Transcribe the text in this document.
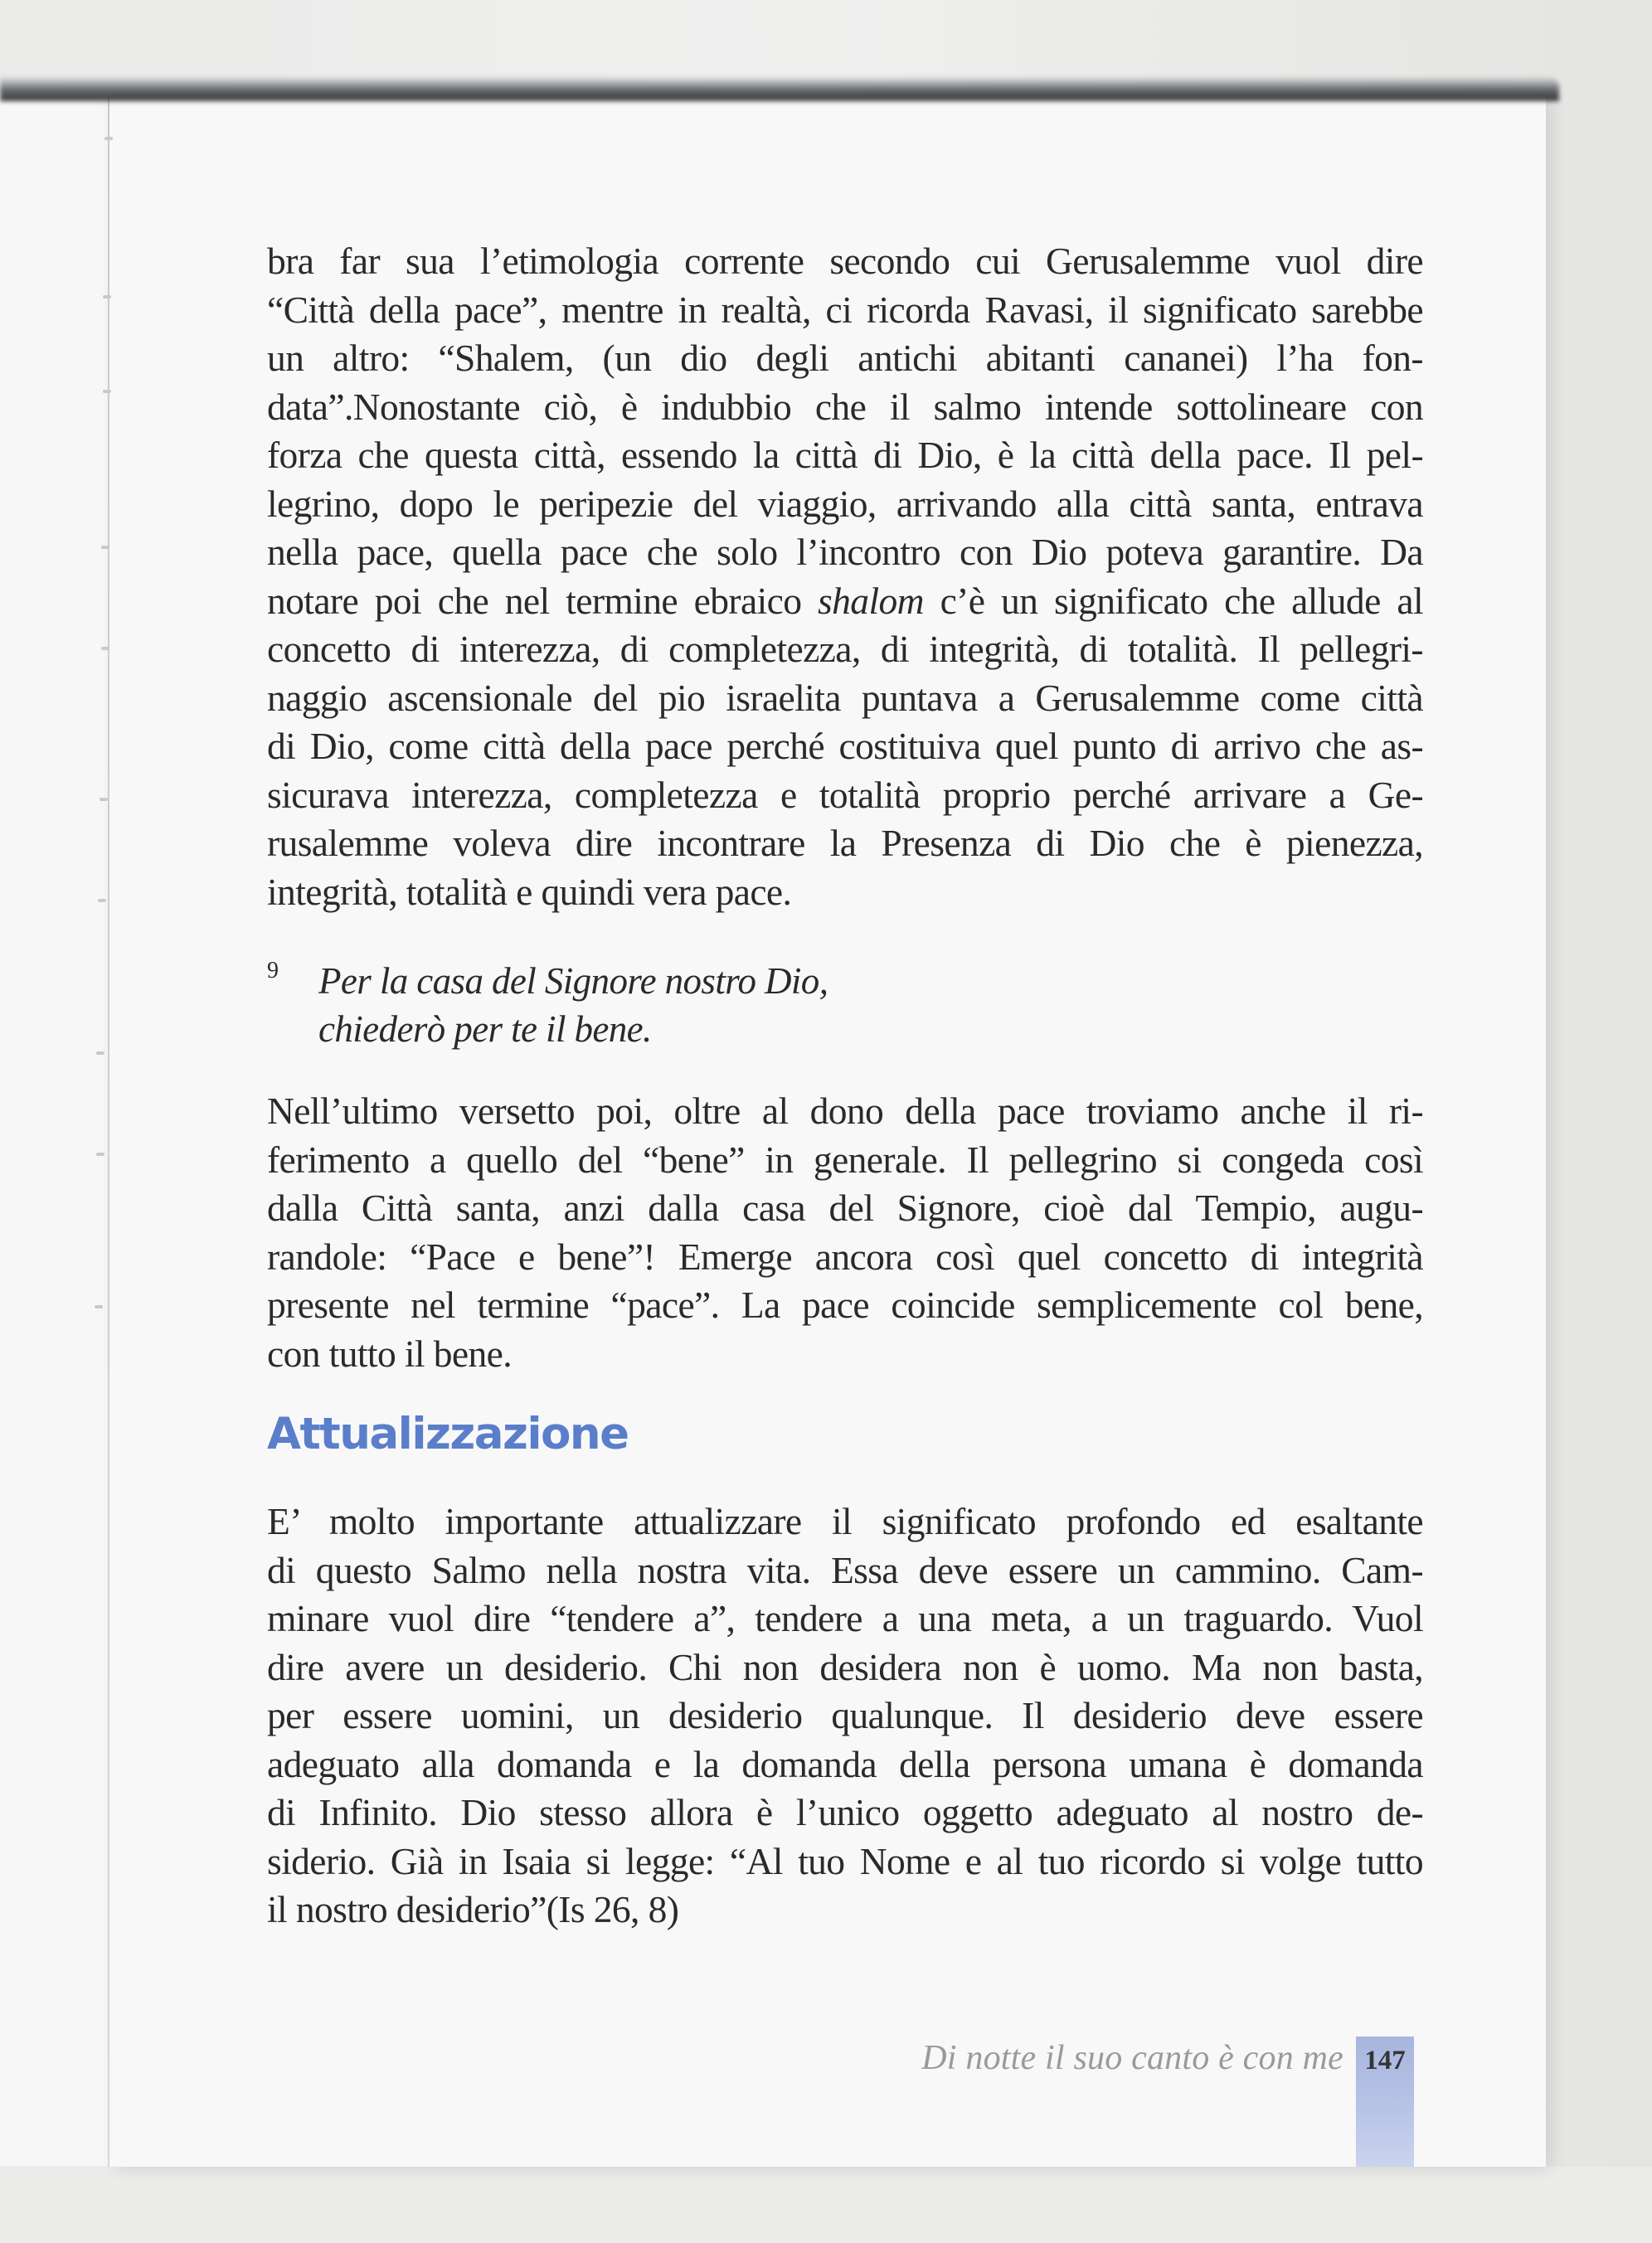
bra far sua l’etimologia corrente secondo cui Gerusalemme vuol dire
“Città della pace”, mentre in realtà, ci ricorda Ravasi, il significato sarebbe
un altro: “Shalem, (un dio degli antichi abitanti cananei) l’ha fon-
data”.Nonostante ciò, è indubbio che il salmo intende sottolineare con
forza che questa città, essendo la città di Dio, è la città della pace. Il pel-
legrino, dopo le peripezie del viaggio, arrivando alla città santa, entrava
nella pace, quella pace che solo l’incontro con Dio poteva garantire. Da
notare poi che nel termine ebraico shalom c’è un significato che allude al
concetto di interezza, di completezza, di integrità, di totalità. Il pellegri-
naggio ascensionale del pio israelita puntava a Gerusalemme come città
di Dio, come città della pace perché costituiva quel punto di arrivo che as-
sicurava interezza, completezza e totalità proprio perché arrivare a Ge-
rusalemme voleva dire incontrare la Presenza di Dio che è pienezza,
integrità, totalità e quindi vera pace.

9 Per la casa del Signore nostro Dio,
chiederò per te il bene.

Nell’ultimo versetto poi, oltre al dono della pace troviamo anche il ri-
ferimento a quello del “bene” in generale. Il pellegrino si congeda così
dalla Città santa, anzi dalla casa del Signore, cioè dal Tempio, augu-
randole: “Pace e bene”! Emerge ancora così quel concetto di integrità
presente nel termine “pace”. La pace coincide semplicemente col bene,
con tutto il bene.

Attualizzazione

E’ molto importante attualizzare il significato profondo ed esaltante
di questo Salmo nella nostra vita. Essa deve essere un cammino. Cam-
minare vuol dire “tendere a”, tendere a una meta, a un traguardo. Vuol
dire avere un desiderio. Chi non desidera non è uomo. Ma non basta,
per essere uomini, un desiderio qualunque. Il desiderio deve essere
adeguato alla domanda e la domanda della persona umana è domanda
di Infinito. Dio stesso allora è l’unico oggetto adeguato al nostro de-
siderio. Già in Isaia si legge: “Al tuo Nome e al tuo ricordo si volge tutto
il nostro desiderio”(Is 26, 8)

Di notte il suo canto è con me 147
